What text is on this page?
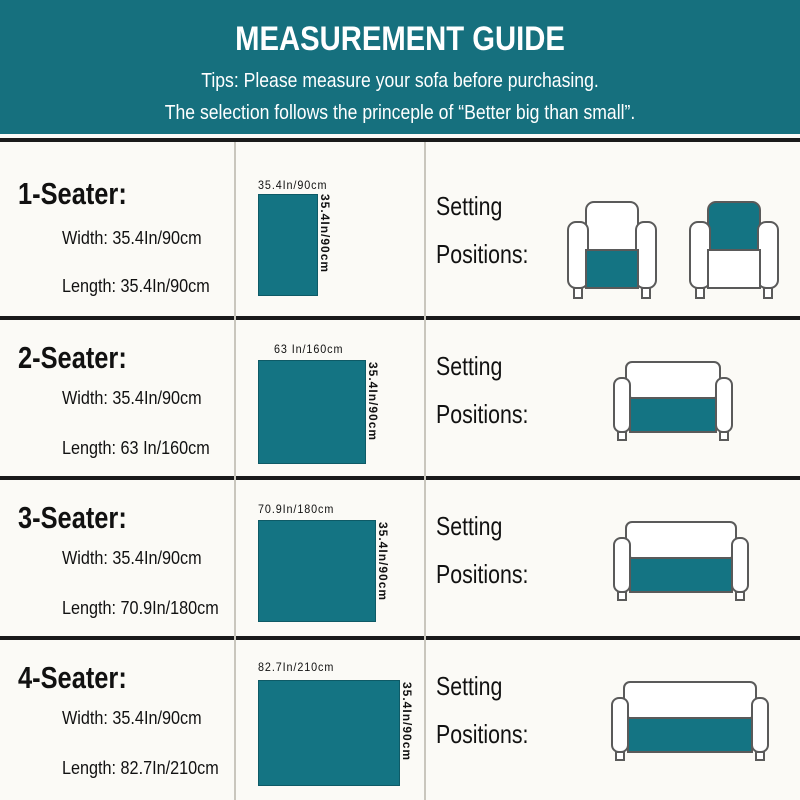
MEASUREMENT GUIDE
Tips: Please measure your sofa before purchasing.
The selection follows the princeple of “Better big than small”.
1-Seater:
Width: 35.4In/90cm
Length: 35.4In/90cm
35.4In/90cm
35.4In/90cm	Setting
Positions:
2-Seater:
Width: 35.4In/90cm
Length: 63 In/160cm
63 In/160cm
35.4In/90cm Setting
Positions:
3-Seater:
Width: 35.4In/90cm
Length: 70.9In/180cm
70.9In/180cm
35.4In/90cm Setting
Positions:
4-Seater:
Width: 35.4In/90cm
Length: 82.7In/210cm
82.7In/210cm
35.4In/90cm Setting
Positions:
